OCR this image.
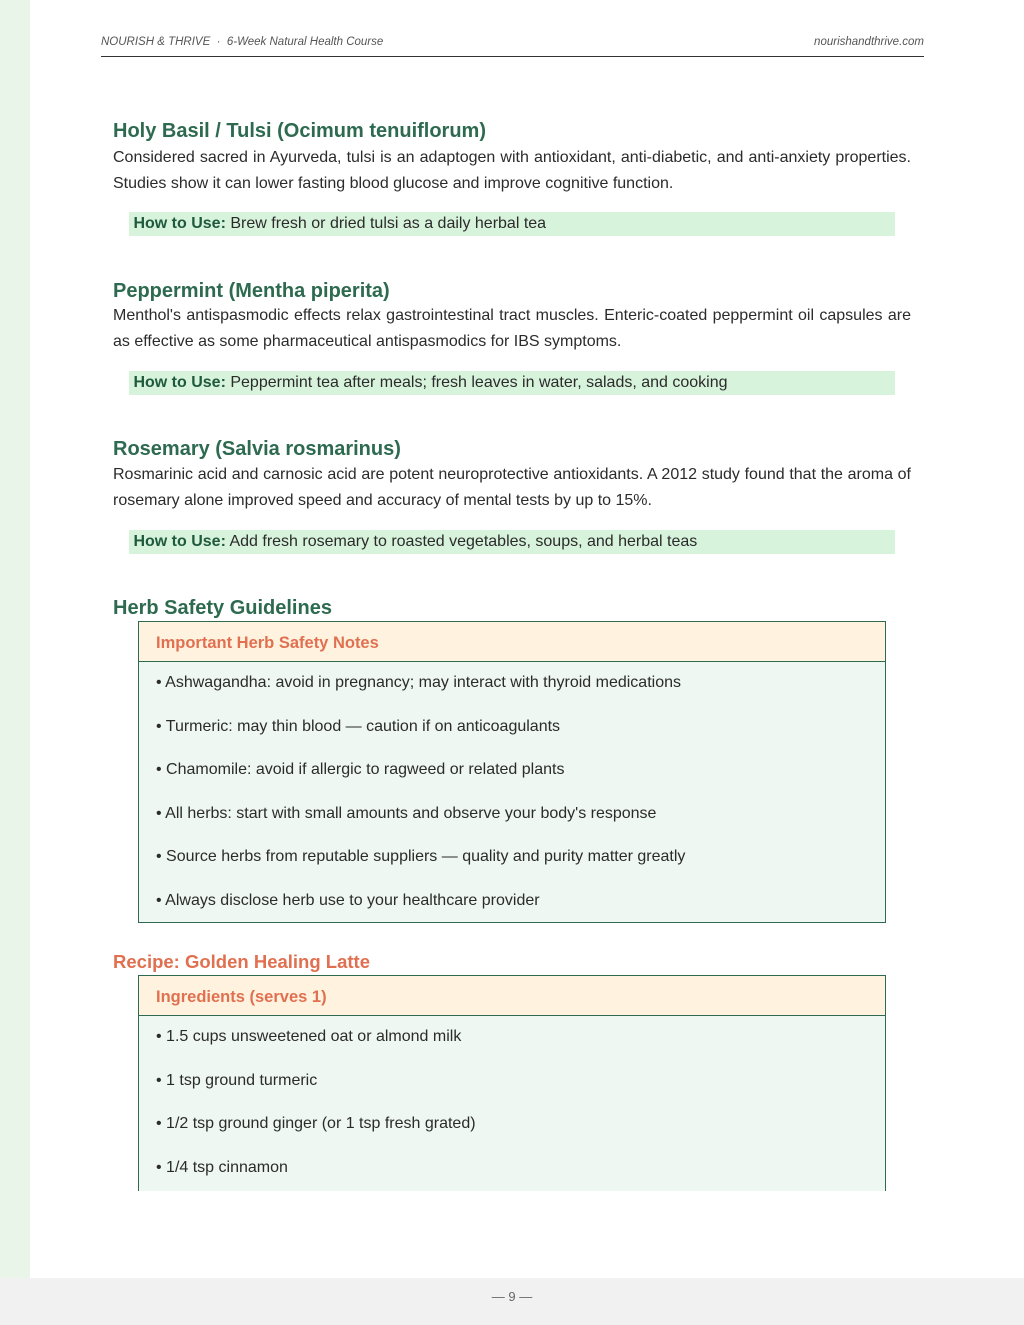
NOURISH & THRIVE · 6-Week Natural Health Course	nourishandthrive.com
Holy Basil / Tulsi (Ocimum tenuiflorum)

Considered sacred in Ayurveda, tulsi is an adaptogen with antioxidant, anti-diabetic, and anti-anxiety properties. Studies show it can lower fasting blood glucose and improve cognitive function.

How to Use: Brew fresh or dried tulsi as a daily herbal tea
Peppermint (Mentha piperita)

Menthol's antispasmodic effects relax gastrointestinal tract muscles. Enteric-coated peppermint oil capsules are as effective as some pharmaceutical antispasmodics for IBS symptoms.

How to Use: Peppermint tea after meals; fresh leaves in water, salads, and cooking
Rosemary (Salvia rosmarinus)

Rosmarinic acid and carnosic acid are potent neuroprotective antioxidants. A 2012 study found that the aroma of rosemary alone improved speed and accuracy of mental tests by up to 15%.

How to Use: Add fresh rosemary to roasted vegetables, soups, and herbal teas
Herb Safety Guidelines
Important Herb Safety Notes
• Ashwagandha: avoid in pregnancy; may interact with thyroid medications
• Turmeric: may thin blood — caution if on anticoagulants
• Chamomile: avoid if allergic to ragweed or related plants
• All herbs: start with small amounts and observe your body's response
• Source herbs from reputable suppliers — quality and purity matter greatly
• Always disclose herb use to your healthcare provider
Recipe: Golden Healing Latte
Ingredients (serves 1)
• 1.5 cups unsweetened oat or almond milk
• 1 tsp ground turmeric
• 1/2 tsp ground ginger (or 1 tsp fresh grated)
• 1/4 tsp cinnamon
— 9 —
